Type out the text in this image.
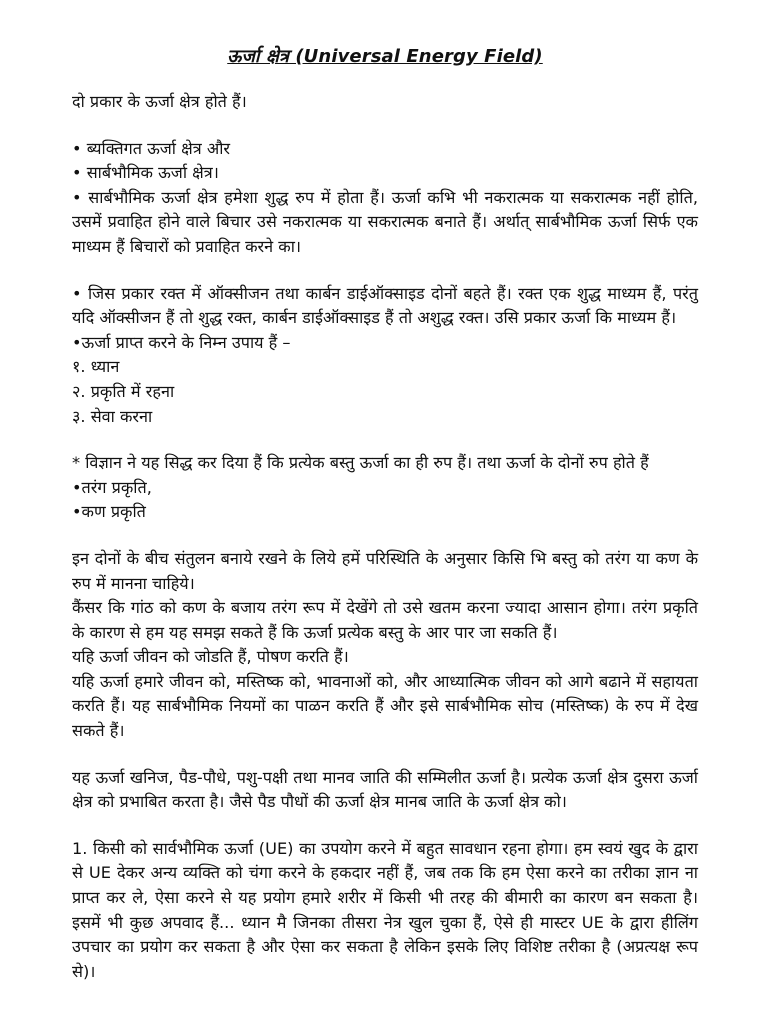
ऊर्जा क्षेत्र (Universal Energy Field)

दो प्रकार के ऊर्जा क्षेत्र होते हैं।

• ब्यक्तिगत ऊर्जा क्षेत्र और

• सार्बभौमिक ऊर्जा क्षेत्र।

• सार्बभौमिक ऊर्जा क्षेत्र हमेशा शुद्ध रुप में होता हैं। ऊर्जा कभि भी नकरात्मक या सकरात्मक नहीं होति, उसमें प्रवाहित होने वाले बिचार उसे नकरात्मक या सकरात्मक बनाते हैं। अर्थात् सार्बभौमिक ऊर्जा सिर्फ एक माध्यम हैं बिचारों को प्रवाहित करने का।

• जिस प्रकार रक्त में ऑक्सीजन तथा कार्बन डाईऑक्साइड दोनों बहते हैं। रक्त एक शुद्ध माध्यम हैं, परंतु यदि ऑक्सीजन हैं तो शुद्ध रक्त, कार्बन डाईऑक्साइड हैं तो अशुद्ध रक्त। उसि प्रकार ऊर्जा कि माध्यम हैं।

•ऊर्जा प्राप्त करने के निम्न उपाय हैं –

१. ध्यान

२. प्रकृति में रहना

३. सेवा करना

* विज्ञान ने यह सिद्ध कर दिया हैं कि प्रत्येक बस्तु ऊर्जा का ही रुप हैं। तथा ऊर्जा के दोनों रुप होते हैं

•तरंग प्रकृति,

•कण प्रकृति

इन दोनों के बीच संतुलन बनाये रखने के लिये हमें परिस्थिति के अनुसार किसि भि बस्तु को तरंग या कण के रुप में मानना चाहिये।

कैंसर कि गांठ को कण के बजाय तरंग रूप में देखेंगे तो उसे खतम करना ज्यादा आसान होगा। तरंग प्रकृति के कारण से हम यह समझ सकते हैं कि ऊर्जा प्रत्येक बस्तु के आर पार जा सकति हैं।

यहि ऊर्जा जीवन को जोडति हैं, पोषण करति हैं।

यहि ऊर्जा हमारे जीवन को, मस्तिष्क को, भावनाओं को, और आध्यात्मिक जीवन को आगे बढाने में सहायता करति हैं। यह सार्बभौमिक नियमों का पाळन करति हैं और इसे सार्बभौमिक सोच (मस्तिष्क) के रुप में देख सकते हैं।

यह ऊर्जा खनिज, पैड-पौधे, पशु-पक्षी तथा मानव जाति की सम्मिलीत ऊर्जा है। प्रत्येक ऊर्जा क्षेत्र दुसरा ऊर्जा क्षेत्र को प्रभाबित करता है। जैसे पैड पौधों की ऊर्जा क्षेत्र मानब जाति के ऊर्जा क्षेत्र को।

1. किसी को सार्वभौमिक ऊर्जा (UE) का उपयोग करने में बहुत सावधान रहना होगा। हम स्वयं खुद के द्वारा से UE देकर अन्य व्यक्ति को चंगा करने के हकदार नहीं हैं, जब तक कि हम ऐसा करने का तरीका ज्ञान ना प्राप्त कर ले, ऐसा करने से यह प्रयोग हमारे शरीर में किसी भी तरह की बीमारी का कारण बन सकता है। इसमें भी कुछ अपवाद हैं... ध्यान मै जिनका तीसरा नेत्र खुल चुका हैं, ऐसे ही मास्टर UE के द्वारा हीलिंग उपचार का प्रयोग कर सकता है और ऐसा कर सकता है लेकिन इसके लिए विशिष्ट तरीका है (अप्रत्यक्ष रूप से)।
